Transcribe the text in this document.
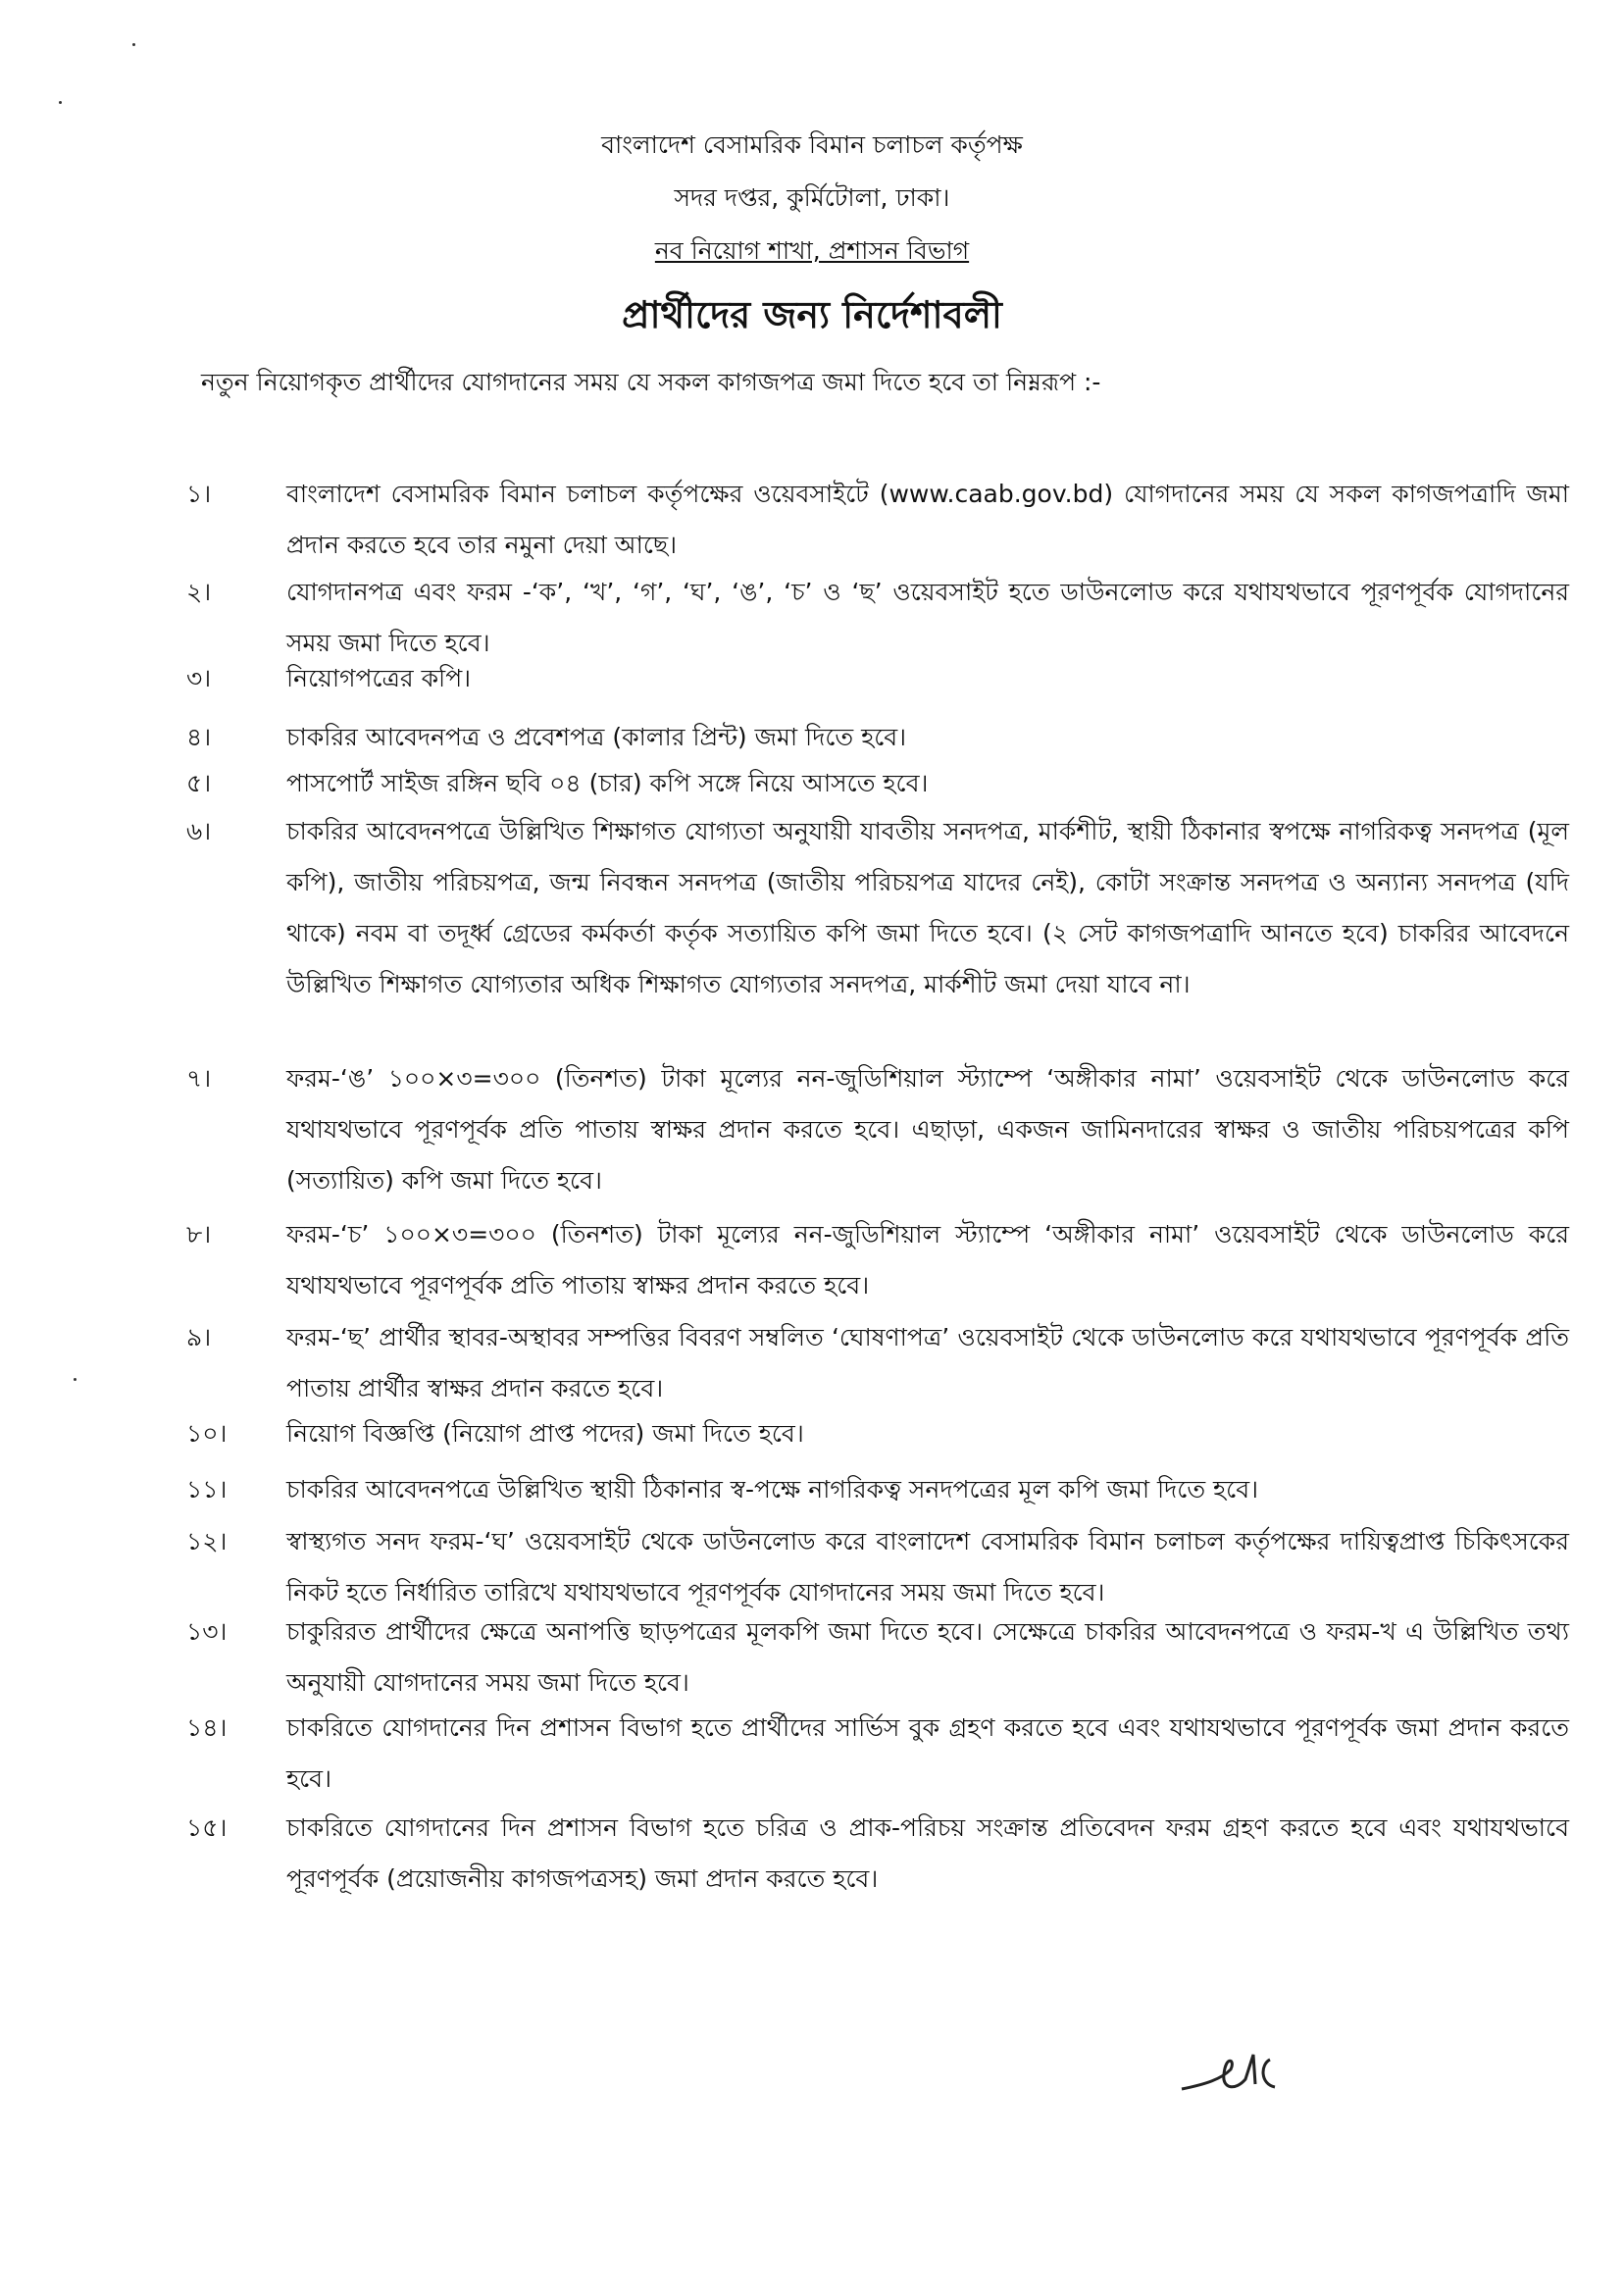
বাংলাদেশ বেসামরিক বিমান চলাচল কর্তৃপক্ষ
সদর দপ্তর, কুর্মিটোলা, ঢাকা।
নব নিয়োগ শাখা, প্রশাসন বিভাগ
প্রার্থীদের জন্য নির্দেশাবলী
নতুন নিয়োগকৃত প্রার্থীদের যোগদানের সময় যে সকল কাগজপত্র জমা দিতে হবে তা নিম্নরূপ :-
১।	বাংলাদেশ বেসামরিক বিমান চলাচল কর্তৃপক্ষের ওয়েবসাইটে (www.caab.gov.bd) যোগদানের সময় যে সকল কাগজপত্রাদি জমা প্রদান করতে হবে তার নমুনা দেয়া আছে।
২।	যোগদানপত্র এবং ফরম -‘ক’, ‘খ’, ‘গ’, ‘ঘ’, ‘ঙ’, ‘চ’ ও ‘ছ’ ওয়েবসাইট হতে ডাউনলোড করে যথাযথভাবে পূরণপূর্বক যোগদানের সময় জমা দিতে হবে।
৩।	নিয়োগপত্রের কপি।
৪।	চাকরির আবেদনপত্র ও প্রবেশপত্র (কালার প্রিন্ট) জমা দিতে হবে।
৫।	পাসপোর্ট সাইজ রঙ্গিন ছবি ০৪ (চার) কপি সঙ্গে নিয়ে আসতে হবে।
৬।	চাকরির আবেদনপত্রে উল্লিখিত শিক্ষাগত যোগ্যতা অনুযায়ী যাবতীয় সনদপত্র, মার্কশীট, স্থায়ী ঠিকানার স্বপক্ষে নাগরিকত্ব সনদপত্র (মূল কপি), জাতীয় পরিচয়পত্র, জন্ম নিবন্ধন সনদপত্র (জাতীয় পরিচয়পত্র যাদের নেই), কোটা সংক্রান্ত সনদপত্র ও অন্যান্য সনদপত্র (যদি থাকে) নবম বা তদূর্ধ্ব গ্রেডের কর্মকর্তা কর্তৃক সত্যায়িত কপি জমা দিতে হবে। (২ সেট কাগজপত্রাদি আনতে হবে) চাকরির আবেদনে উল্লিখিত শিক্ষাগত যোগ্যতার অধিক শিক্ষাগত যোগ্যতার সনদপত্র, মার্কশীট জমা দেয়া যাবে না।
৭।	ফরম-‘ঙ’ ১০০×৩=৩০০ (তিনশত) টাকা মূল্যের নন-জুডিশিয়াল স্ট্যাম্পে ‘অঙ্গীকার নামা’ ওয়েবসাইট থেকে ডাউনলোড করে যথাযথভাবে পূরণপূর্বক প্রতি পাতায় স্বাক্ষর প্রদান করতে হবে। এছাড়া, একজন জামিনদারের স্বাক্ষর ও জাতীয় পরিচয়পত্রের কপি (সত্যায়িত) কপি জমা দিতে হবে।
৮।	ফরম-‘চ’ ১০০×৩=৩০০ (তিনশত) টাকা মূল্যের নন-জুডিশিয়াল স্ট্যাম্পে ‘অঙ্গীকার নামা’ ওয়েবসাইট থেকে ডাউনলোড করে যথাযথভাবে পূরণপূর্বক প্রতি পাতায় স্বাক্ষর প্রদান করতে হবে।
৯।	ফরম-‘ছ’ প্রার্থীর স্থাবর-অস্থাবর সম্পত্তির বিবরণ সম্বলিত ‘ঘোষণাপত্র’ ওয়েবসাইট থেকে ডাউনলোড করে যথাযথভাবে পূরণপূর্বক প্রতি পাতায় প্রার্থীর স্বাক্ষর প্রদান করতে হবে।
১০।	নিয়োগ বিজ্ঞপ্তি (নিয়োগ প্রাপ্ত পদের) জমা দিতে হবে।
১১।	চাকরির আবেদনপত্রে উল্লিখিত স্থায়ী ঠিকানার স্ব-পক্ষে নাগরিকত্ব সনদপত্রের মূল কপি জমা দিতে হবে।
১২।	স্বাস্থ্যগত সনদ ফরম-‘ঘ’ ওয়েবসাইট থেকে ডাউনলোড করে বাংলাদেশ বেসামরিক বিমান চলাচল কর্তৃপক্ষের দায়িত্বপ্রাপ্ত চিকিৎসকের নিকট হতে নির্ধারিত তারিখে যথাযথভাবে পূরণপূর্বক যোগদানের সময় জমা দিতে হবে।
১৩।	চাকুরিরত প্রার্থীদের ক্ষেত্রে অনাপত্তি ছাড়পত্রের মূলকপি জমা দিতে হবে। সেক্ষেত্রে চাকরির আবেদনপত্রে ও ফরম-খ এ উল্লিখিত তথ্য অনুযায়ী যোগদানের সময় জমা দিতে হবে।
১৪।	চাকরিতে যোগদানের দিন প্রশাসন বিভাগ হতে প্রার্থীদের সার্ভিস বুক গ্রহণ করতে হবে এবং যথাযথভাবে পূরণপূর্বক জমা প্রদান করতে হবে।
১৫।	চাকরিতে যোগদানের দিন প্রশাসন বিভাগ হতে চরিত্র ও প্রাক-পরিচয় সংক্রান্ত প্রতিবেদন ফরম গ্রহণ করতে হবে এবং যথাযথভাবে পূরণপূর্বক (প্রয়োজনীয় কাগজপত্রসহ) জমা প্রদান করতে হবে।
